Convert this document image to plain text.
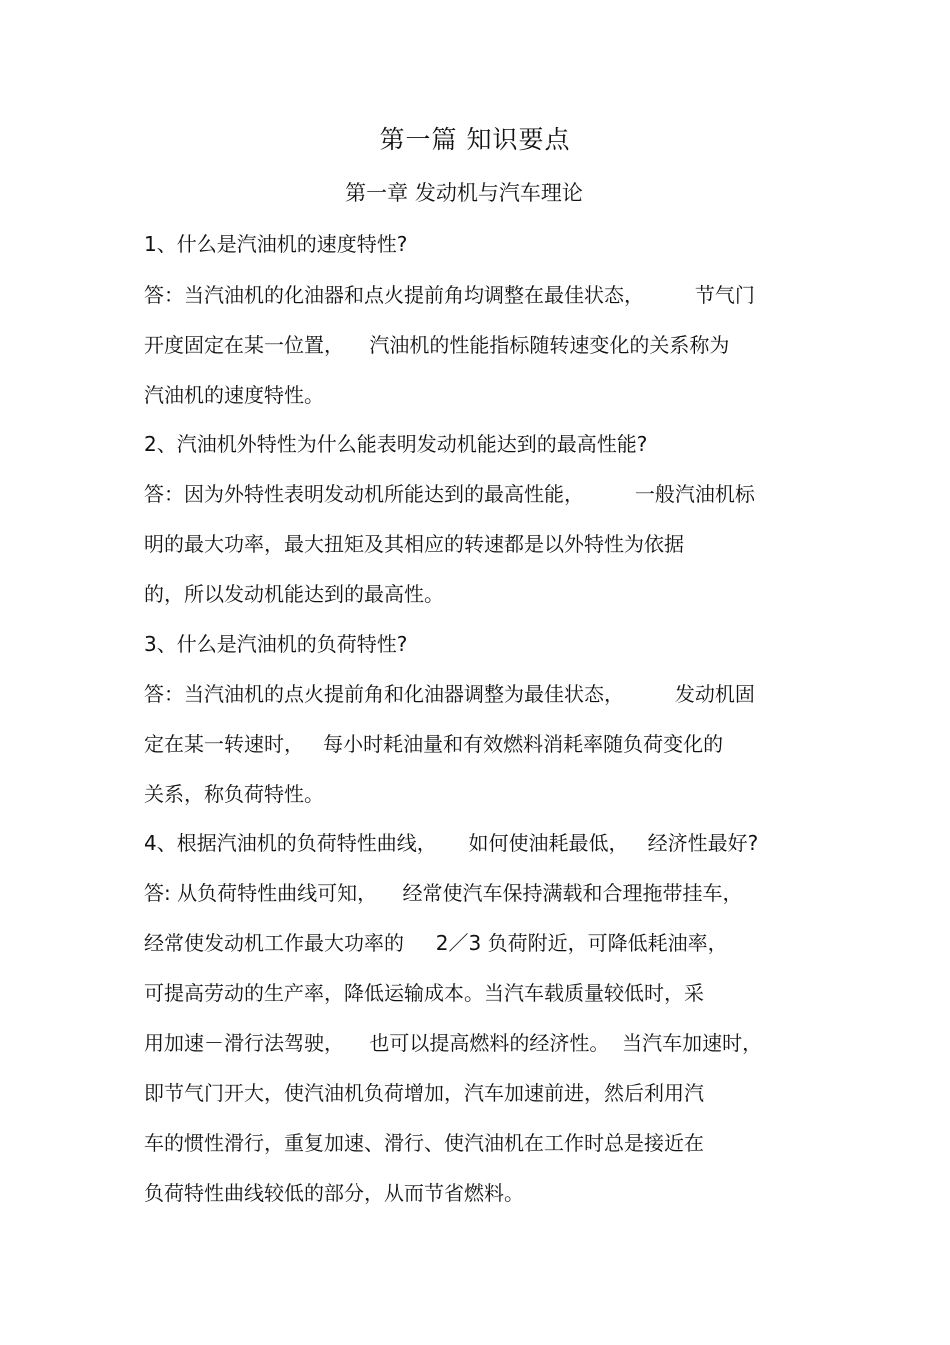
第一篇 知识要点
第一章 发动机与汽车理论
1、什么是汽油机的速度特性?
答：当汽油机的化油器和点火提前角均调整在最佳状态，        节气门
开度固定在某一位置，    汽油机的性能指标随转速变化的关系称为
汽油机的速度特性。
2、汽油机外特性为什么能表明发动机能达到的最高性能?
答：因为外特性表明发动机所能达到的最高性能，        一般汽油机标
明的最大功率，最大扭矩及其相应的转速都是以外特性为依据
的，所以发动机能达到的最高性。
3、什么是汽油机的负荷特性?
答：当汽油机的点火提前角和化油器调整为最佳状态，        发动机固
定在某一转速时，   每小时耗油量和有效燃料消耗率随负荷变化的
关系，称负荷特性。
4、根据汽油机的负荷特性曲线，     如何使油耗最低，   经济性最好?
答: 从负荷特性曲线可知，    经常使汽车保持满载和合理拖带挂车，
经常使发动机工作最大功率的     2／3 负荷附近，可降低耗油率，
可提高劳动的生产率，降低运输成本。当汽车载质量较低时，采
用加速－滑行法驾驶，    也可以提高燃料的经济性。  当汽车加速时，
即节气门开大，使汽油机负荷增加，汽车加速前进，然后利用汽
车的惯性滑行，重复加速、滑行、使汽油机在工作时总是接近在
负荷特性曲线较低的部分，从而节省燃料。
